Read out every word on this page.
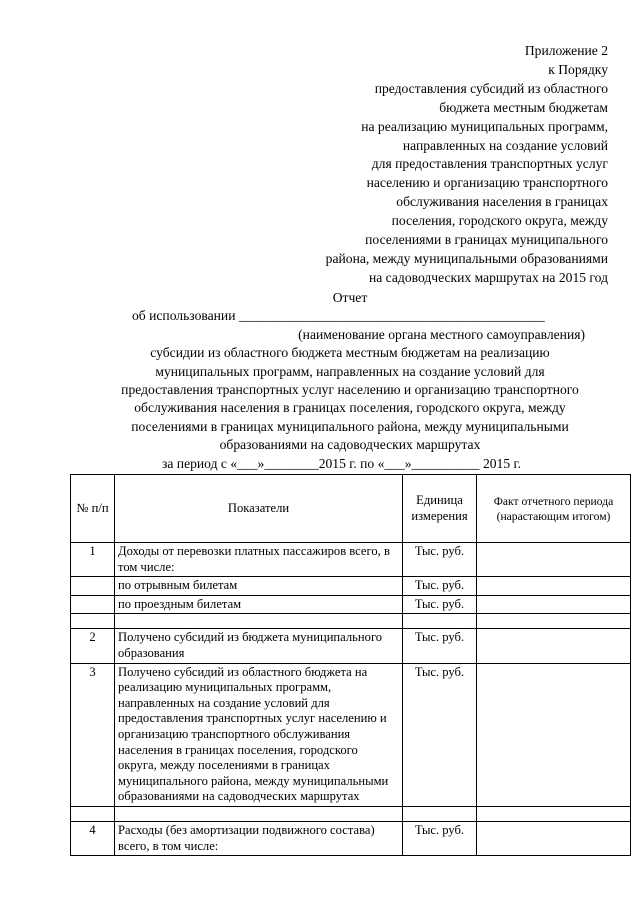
Приложение 2
к Порядку
предоставления субсидий из областного
бюджета местным бюджетам
на реализацию муниципальных программ,
направленных на создание условий
для предоставления транспортных услуг
населению и организацию транспортного
обслуживания населения в границах
поселения, городского округа, между
поселениями в границах муниципального
района, между муниципальными образованиями
на садоводческих маршрутах на 2015 год
Отчет
об использовании _____________________________________________
(наименование органа местного самоуправления)
субсидии из областного бюджета местным бюджетам на реализацию
муниципальных программ, направленных на создание условий для
предоставления транспортных услуг населению и организацию транспортного
обслуживания населения в границах поселения, городского округа, между
поселениями в границах муниципального района, между муниципальными
образованиями на садоводческих маршрутах
за период с «___»________2015 г. по «___»__________ 2015 г.
№ п/п	Показатели	Единица измерения	Факт отчетного периода (нарастающим итогом)
1	Доходы от перевозки платных пассажиров всего, в том числе:	Тыс. руб.	
	по отрывным билетам	Тыс. руб.	
	по проездным билетам	Тыс. руб.	

2	Получено субсидий из бюджета муниципального образования	Тыс. руб.	
3	Получено субсидий из областного бюджета на реализацию муниципальных программ, направленных на создание условий для предоставления транспортных услуг населению и организацию транспортного обслуживания населения в границах поселения, городского округа, между поселениями в границах муниципального района, между муниципальными образованиями на садоводческих маршрутах	Тыс. руб.	

4	Расходы (без амортизации подвижного состава) всего, в том числе:	Тыс. руб.	
